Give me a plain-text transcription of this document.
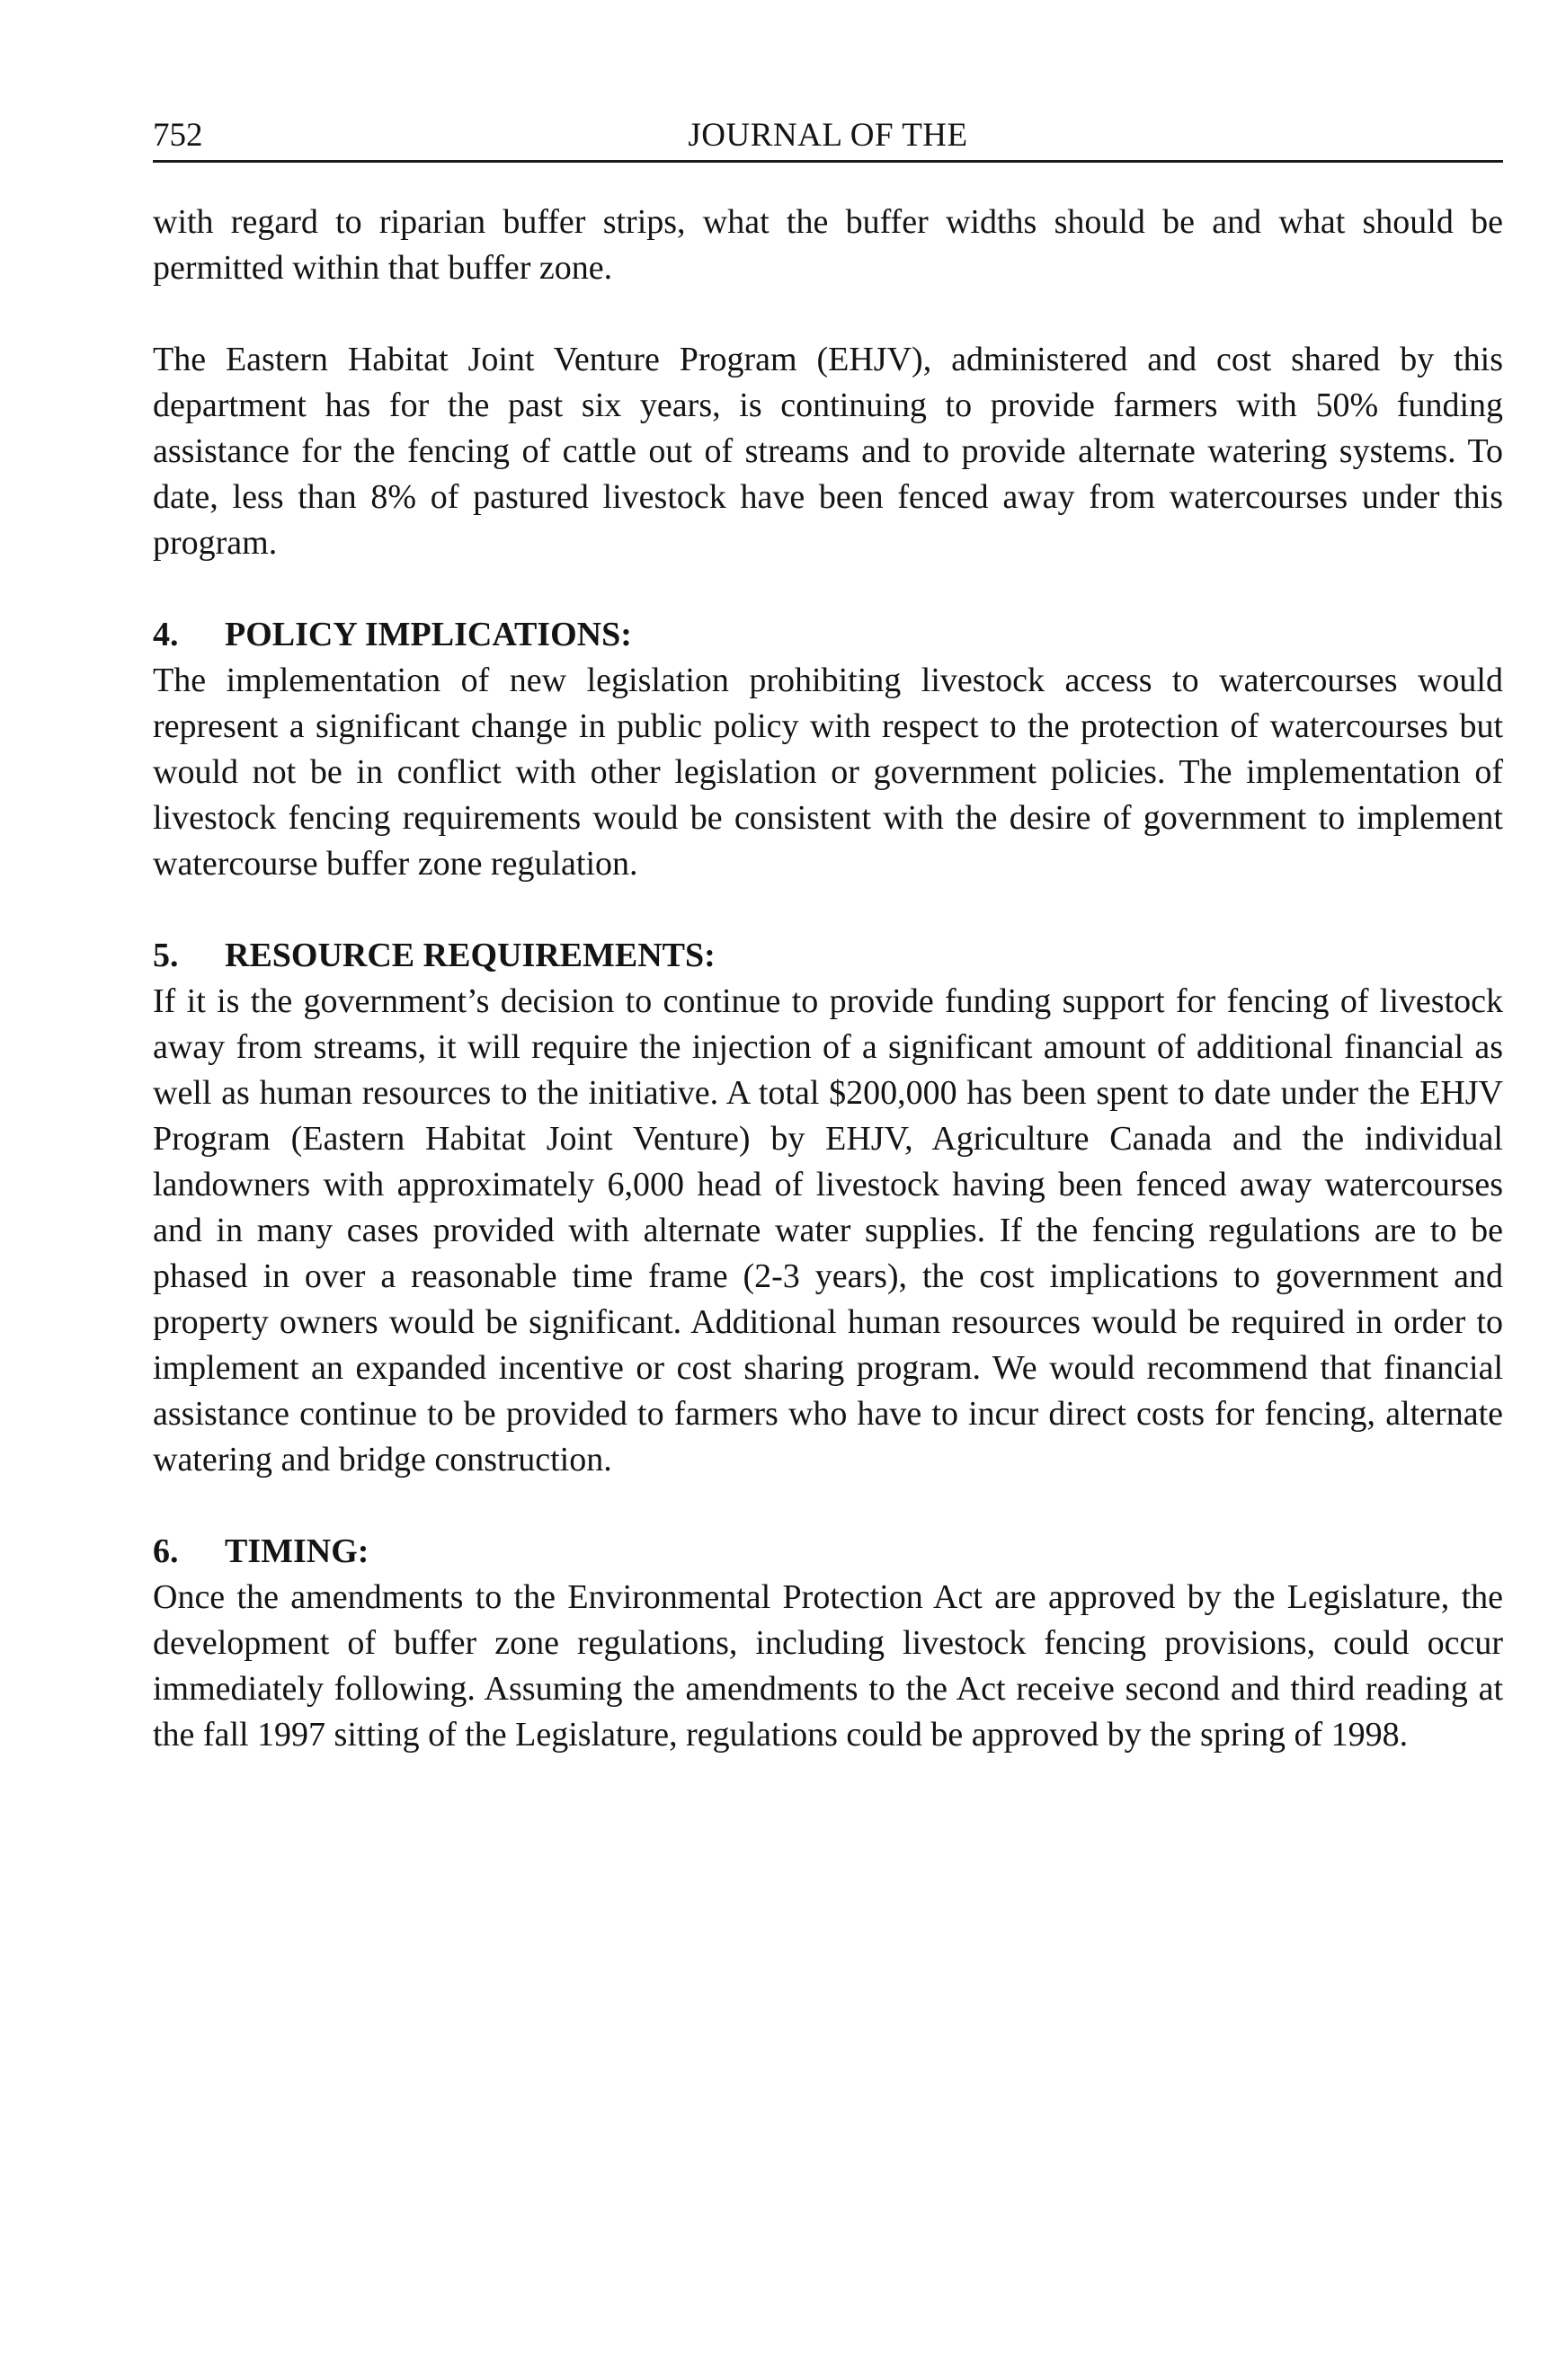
752	JOURNAL OF THE

with regard to riparian buffer strips, what the buffer widths should be and what should be permitted within that buffer zone.

The Eastern Habitat Joint Venture Program (EHJV), administered and cost shared by this department has for the past six years, is continuing to provide farmers with 50% funding assistance for the fencing of cattle out of streams and to provide alternate watering systems. To date, less than 8% of pastured livestock have been fenced away from watercourses under this program.

4. POLICY IMPLICATIONS:

The implementation of new legislation prohibiting livestock access to watercourses would represent a significant change in public policy with respect to the protection of watercourses but would not be in conflict with other legislation or government policies. The implementation of livestock fencing requirements would be consistent with the desire of government to implement watercourse buffer zone regulation.

5. RESOURCE REQUIREMENTS:

If it is the government’s decision to continue to provide funding support for fencing of livestock away from streams, it will require the injection of a significant amount of additional financial as well as human resources to the initiative. A total $200,000 has been spent to date under the EHJV Program (Eastern Habitat Joint Venture) by EHJV, Agriculture Canada and the individual landowners with approximately 6,000 head of livestock having been fenced away watercourses and in many cases provided with alternate water supplies. If the fencing regulations are to be phased in over a reasonable time frame (2-3 years), the cost implications to government and property owners would be significant. Additional human resources would be required in order to implement an expanded incentive or cost sharing program. We would recommend that financial assistance continue to be provided to farmers who have to incur direct costs for fencing, alternate watering and bridge construction.

6. TIMING:

Once the amendments to the Environmental Protection Act are approved by the Legislature, the development of buffer zone regulations, including livestock fencing provisions, could occur immediately following. Assuming the amendments to the Act receive second and third reading at the fall 1997 sitting of the Legislature, regulations could be approved by the spring of 1998.
